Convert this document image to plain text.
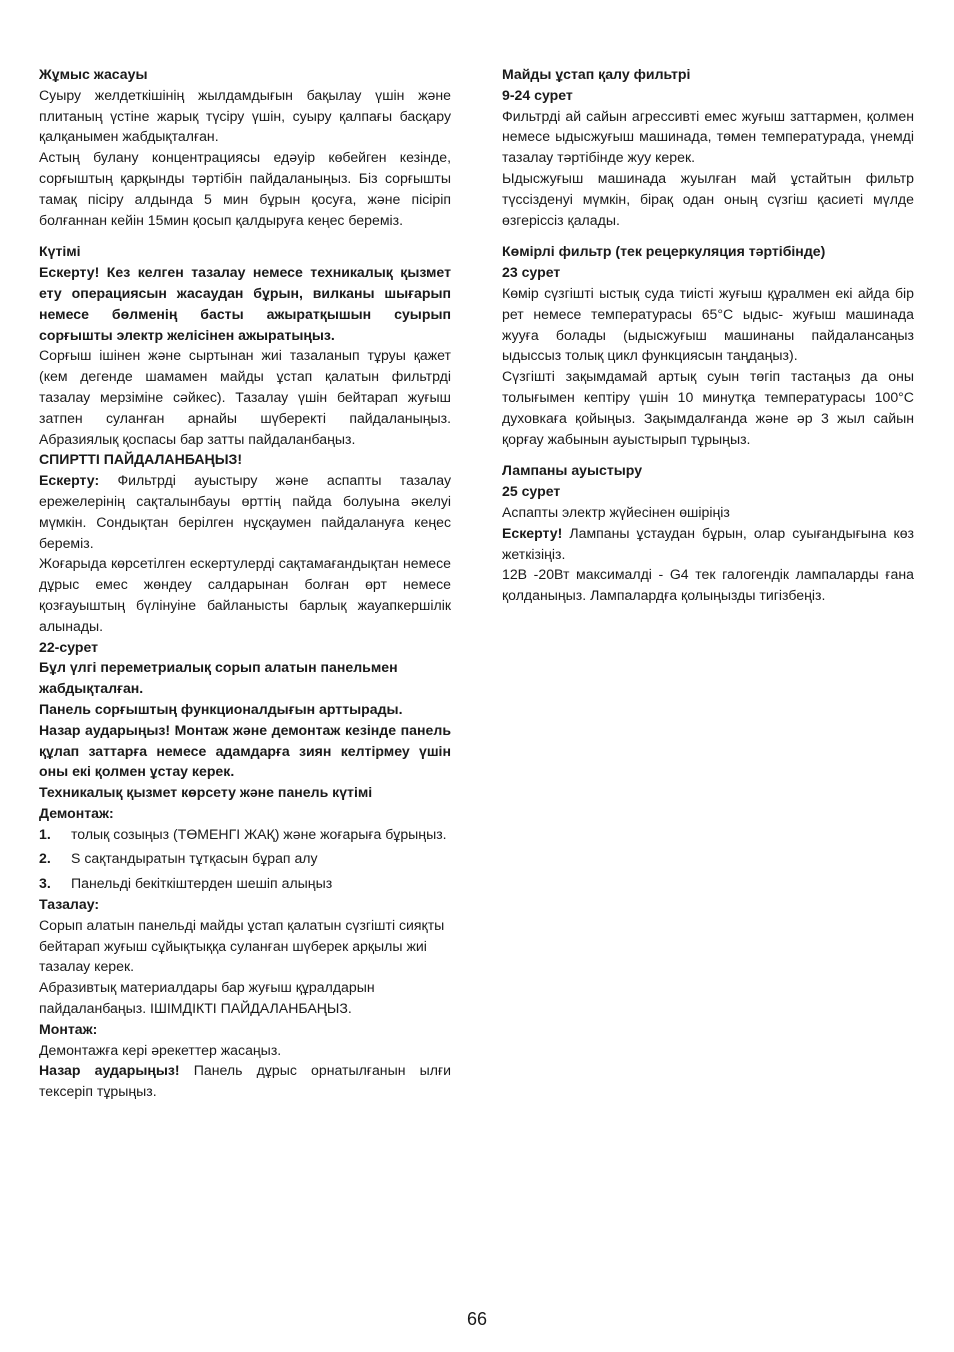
Жұмыс жасауы

Суыру желдеткішінің жылдамдығын бақылау үшін және плитаның үстіне жарық түсіру үшін, суыру қалпағы басқару қалқанымен жабдықталған.

Астың булану концентрациясы едәуір көбейген кезінде, сорғыштың қарқынды тәртібін пайдаланыңыз. Біз сорғышты тамақ пісіру алдында 5 мин бұрын қосуға, және пісіріп болғаннан кейін 15мин қосып қалдыруға кеңес береміз.

Күтімі

Ескерту! Кез келген тазалау немесе техникалық қызмет ету операциясын жасаудан бұрын, вилканы шығарып немесе бөлменің басты ажыратқышын суырып сорғышты электр желісінен ажыратыңыз.

Сорғыш ішінен және сыртынан жиі тазаланып тұруы қажет (кем дегенде шамамен майды ұстап қалатын фильтрді тазалау мерзіміне сәйкес). Тазалау үшін бейтарап жуғыш затпен суланған арнайы шүберекті пайдаланыңыз. Абразиялық қоспасы бар затты пайдаланбаңыз.

СПИРТТІ ПАЙДАЛАНБАҢЫЗ!

Ескерту: Фильтрді ауыстыру және аспапты тазалау ережелерінің сақталынбауы өрттің пайда болуына әкелуі мүмкін. Сондықтан берілген нұсқаумен пайдалануға кеңес береміз.

Жоғарыда көрсетілген ескертулерді сақтамағандықтан немесе дұрыс емес жөндеу салдарынан болған өрт немесе қозғауыштың бүлінуіне байланысты барлық жауапкершілік алынады.

22-сурет

Бұл үлгі переметриалық сорып алатын панельмен жабдықталған.

Панель сорғыштың функционалдығын арттырады.

Назар аударыңыз! Монтаж және демонтаж кезінде панель құлап заттарға немесе адамдарға зиян келтірмеу үшін оны екі қолмен ұстау керек.

Техникалық қызмет көрсету және панель күтімі

Демонтаж:

1.	толық созыңыз (ТӨМЕНГІ ЖАҚ) және жоғарыға бұрыңыз.
2.	S сақтандыратын тұтқасын бұрап алу
3.	Панельді бекіткіштерден шешіп алыңыз

Тазалау:

Сорып алатын панельді майды ұстап қалатын сүзгішті сияқты бейтарап жуғыш сұйықтыққа суланған шүберек арқылы жиі тазалау керек.

Абразивтық материалдары бар жуғыш құралдарын пайдаланбаңыз. ІШІМДІКТІ ПАЙДАЛАНБАҢЫЗ.

Монтаж:

Демонтажға кері әрекеттер жасаңыз.

Назар аударыңыз! Панель дұрыс орнатылғанын ылғи тексеріп тұрыңыз.

Майды ұстап қалу фильтрі

9-24 сурет

Фильтрді ай сайын агрессивті емес жуғыш заттармен, қолмен немесе ыдысжуғыш машинада, төмен температурада, үнемді тазалау тәртібінде жуу керек.

Ыдысжуғыш машинада жуылған май ұстайтын фильтр түссізденуі мүмкін, бірақ одан оның сүзгіш қасиеті мүлде өзгеріссіз қалады.

Көмірлі фильтр (тек рецеркуляция тәртібінде)

23 сурет

Көмір сүзгішті ыстық суда тиісті жуғыш құралмен екі айда бір рет немесе температурасы 65°С ыдыс- жуғыш машинада жууға болады (ыдысжуғыш машинаны пайдалансаңыз ыдыссыз толық цикл функциясын таңдаңыз).

Сүзгішті зақымдамай артық суын төгіп тастаңыз да оны толығымен кептіру үшін 10 минутқа температурасы 100°С духовкаға қойыңыз. Зақымдалғанда және әр 3 жыл сайын қорғау жабынын ауыстырып тұрыңыз.

Лампаны ауыстыру

25 сурет

Аспапты электр жүйесінен өшіріңіз

Ескерту! Лампаны ұстаудан бұрын, олар суығандығына көз жеткізіңіз.

12В -20Вт максималді - G4 тек галогендік лампаларды ғана қолданыңыз. Лампалардға қолыңызды тигізбеңіз.

66
